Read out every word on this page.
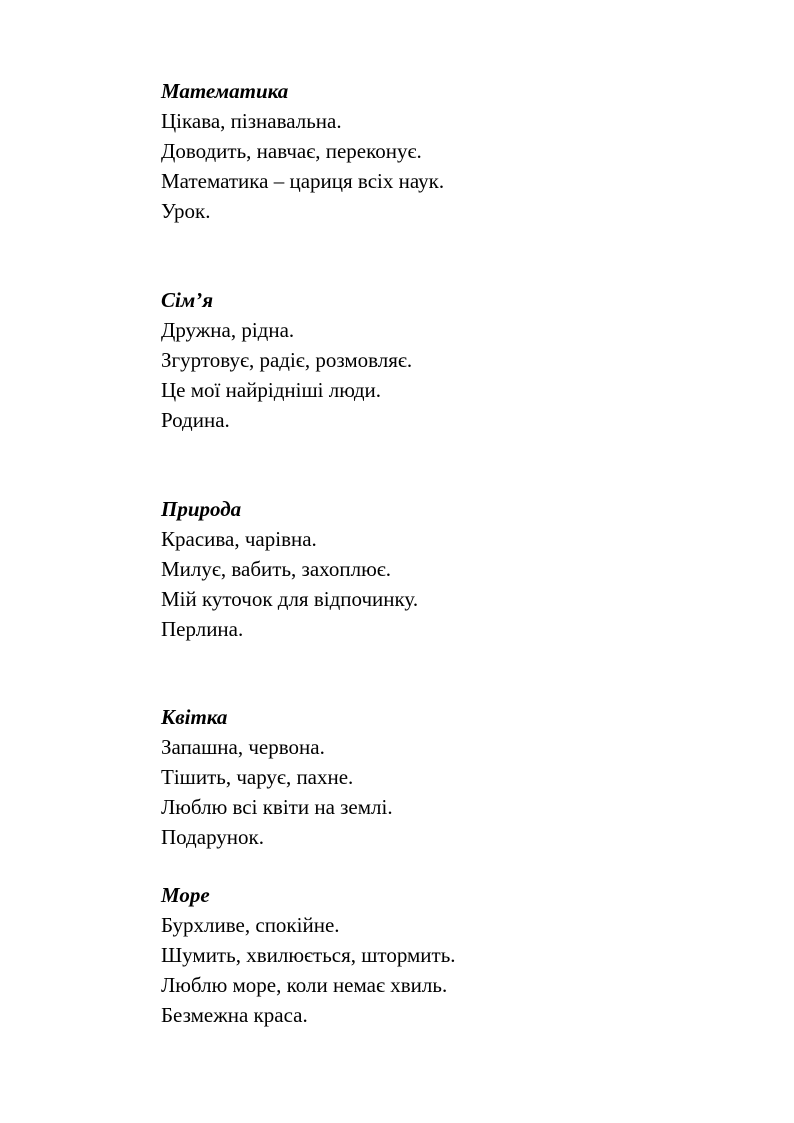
Математика

Цікава, пізнавальна.

Доводить, навчає, переконує.

Математика – цариця всіх наук.

Урок.

Сім’я

Дружна, рідна.

Згуртовує, радіє, розмовляє.

Це мої найрідніші люди.

Родина.

Природа

Красива, чарівна.

Милує, вабить, захоплює.

Мій куточок для відпочинку.

Перлина.

Квітка

Запашна, червона.

Тішить, чарує, пахне.

Люблю всі квіти на землі.

Подарунок.

Море

Бурхливе, спокійне.

Шумить, хвилюється, штормить.

Люблю море, коли немає хвиль.

Безмежна краса.
